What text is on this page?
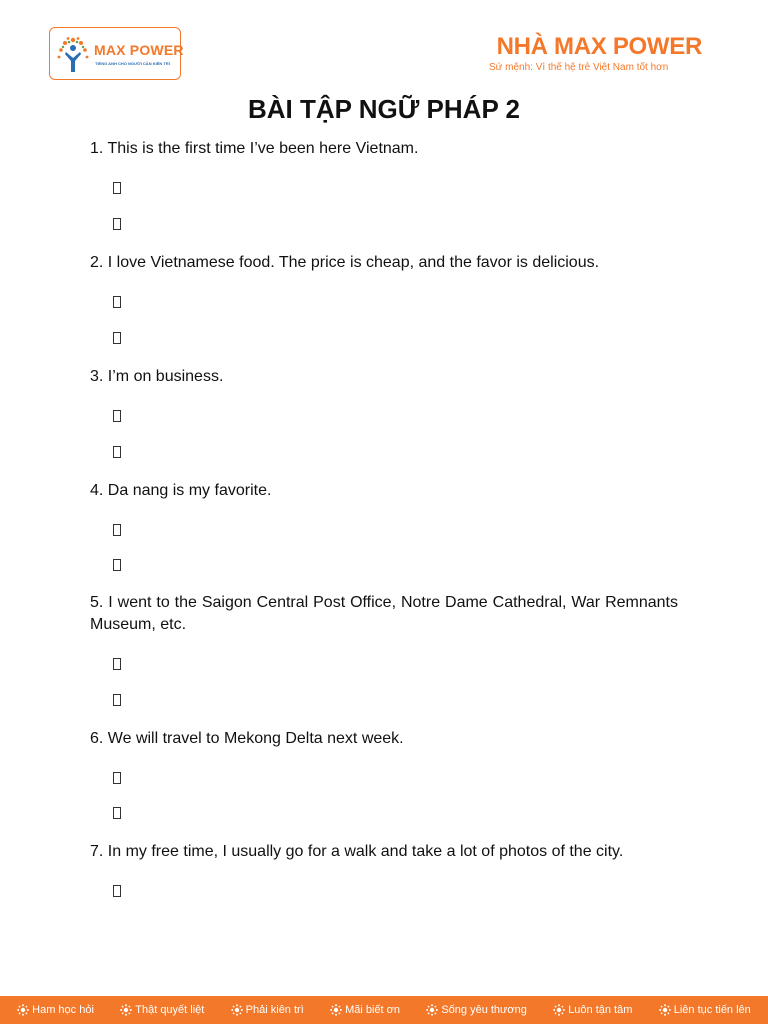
MAX POWER
TIẾNG ANH CHO NGƯỜI CẦN KIÊN TRÌ
NHÀ MAX POWER
Sứ mệnh: Vì thế hệ trẻ Việt Nam tốt hơn
BÀI TẬP NGỮ PHÁP 2
1. This is the first time I’ve been here Vietnam.
2. I love Vietnamese food. The price is cheap, and the favor is delicious.
3. I’m on business.
4. Da nang is my favorite.
5. I went to the Saigon Central Post Office, Notre Dame Cathedral, War Remnants Museum, etc.
6. We will travel to Mekong Delta next week.
7. In my free time, I usually go for a walk and take a lot of photos of the city.
Ham học hỏi	Thật quyết liệt	Phải kiên trì	Mãi biết ơn	Sống yêu thương	Luôn tận tâm	Liên tục tiến lên
